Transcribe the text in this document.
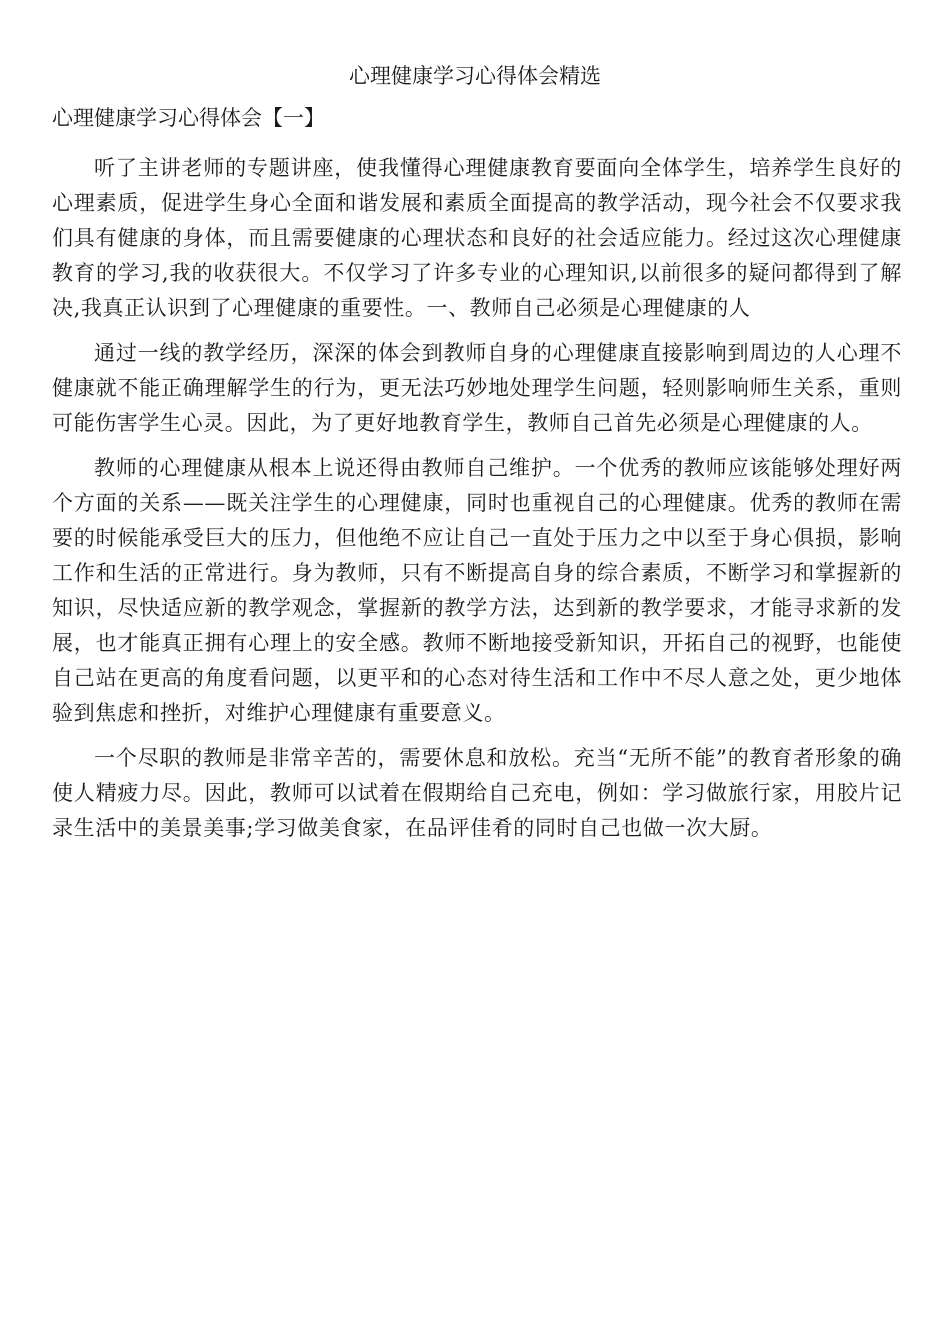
心理健康学习心得体会精选
心理健康学习心得体会【一】

听了主讲老师的专题讲座，使我懂得心理健康教育要面向全体学生，培养学生良好的心理素质，促进学生身心全面和谐发展和素质全面提高的教学活动，现今社会不仅要求我们具有健康的身体，而且需要健康的心理状态和良好的社会适应能力。经过这次心理健康教育的学习,我的收获很大。不仅学习了许多专业的心理知识,以前很多的疑问都得到了解决,我真正认识到了心理健康的重要性。一、教师自己必须是心理健康的人

通过一线的教学经历，深深的体会到教师自身的心理健康直接影响到周边的人心理不健康就不能正确理解学生的行为，更无法巧妙地处理学生问题，轻则影响师生关系，重则可能伤害学生心灵。因此，为了更好地教育学生，教师自己首先必须是心理健康的人。

教师的心理健康从根本上说还得由教师自己维护。一个优秀的教师应该能够处理好两个方面的关系——既关注学生的心理健康，同时也重视自己的心理健康。优秀的教师在需要的时候能承受巨大的压力，但他绝不应让自己一直处于压力之中以至于身心俱损，影响工作和生活的正常进行。身为教师，只有不断提高自身的综合素质，不断学习和掌握新的知识，尽快适应新的教学观念，掌握新的教学方法，达到新的教学要求，才能寻求新的发展，也才能真正拥有心理上的安全感。教师不断地接受新知识，开拓自己的视野，也能使自己站在更高的角度看问题，以更平和的心态对待生活和工作中不尽人意之处，更少地体验到焦虑和挫折，对维护心理健康有重要意义。

一个尽职的教师是非常辛苦的，需要休息和放松。充当“无所不能”的教育者形象的确使人精疲力尽。因此，教师可以试着在假期给自己充电，例如：学习做旅行家，用胶片记录生活中的美景美事;学习做美食家，在品评佳肴的同时自己也做一次大厨。
